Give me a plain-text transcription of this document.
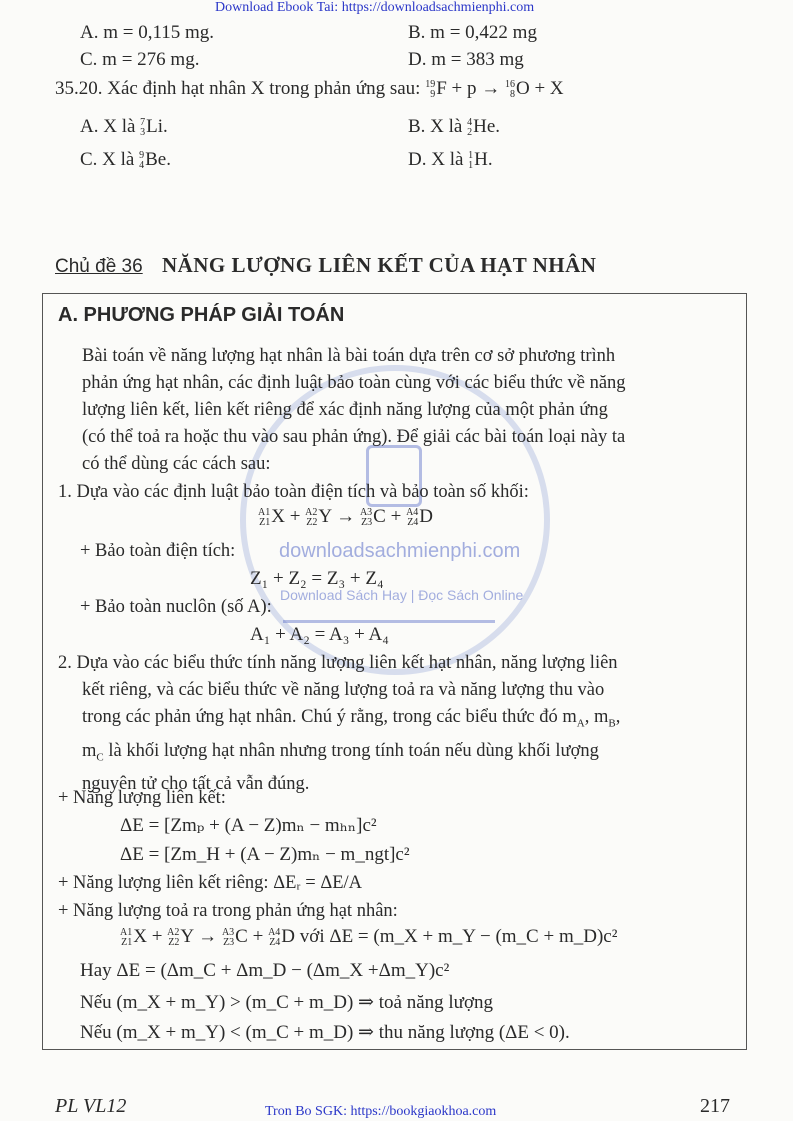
Download Ebook Tai: https://downloadsachmienphi.com
A. m = 0,115 mg.	B. m = 0,422 mg
C. m = 276 mg.	D. m = 383 mg
35.20. Xác định hạt nhân X trong phản ứng sau: 19
9 F + p → 16
8 O + X
A. X là 7
3 Li.	B. X là 4
2 He.
C. X là 9
4 Be.	D. X là 1
1 H.
Chủ đề 36 NĂNG LƯỢNG LIÊN KẾT CỦA HẠT NHÂN
downloadsachmienphi.com
Download Sách Hay | Đọc Sách Online
A. PHƯƠNG PHÁP GIẢI TOÁN
Bài toán về năng lượng hạt nhân là bài toán dựa trên cơ sở phương trình
phản ứng hạt nhân, các định luật bảo toàn cùng với các biểu thức về năng
lượng liên kết, liên kết riêng để xác định năng lượng của một phản ứng
(có thể toả ra hoặc thu vào sau phản ứng). Để giải các bài toán loại này ta
có thể dùng các cách sau:
1. Dựa vào các định luật bảo toàn điện tích và bảo toàn số khối:
A1
Z1 X + A2
Z2 Y → A3
Z3 C + A4
Z4 D
+ Bảo toàn điện tích:
Z₁ + Z₂ = Z₃ + Z₄
+ Bảo toàn nuclôn (số A):
A₁ + A₂ = A₃ + A₄
2. Dựa vào các biểu thức tính năng lượng liên kết hạt nhân, năng lượng liên
kết riêng, và các biểu thức về năng lượng toả ra và năng lượng thu vào
trong các phản ứng hạt nhân. Chú ý rằng, trong các biểu thức đó $m_A$, $m_B$,
$m_C$ là khối lượng hạt nhân nhưng trong tính toán nếu dùng khối lượng
nguyên tử cho tất cả vẫn đúng.
+ Năng lượng liên kết:
ΔE = [Zmₚ + (A − Z)mₙ − mₕₙ]c²
ΔE = [Zm_H + (A − Z)mₙ − m_ngt]c²
+ Năng lượng liên kết riêng: ΔEᵣ = ΔE/A
+ Năng lượng toả ra trong phản ứng hạt nhân:
A1
Z1 X + A2
Z2 Y → A3
Z3 C + A4
Z4 D với ΔE = (m_X + m_Y − (m_C + m_D)c²
Hay ΔE = (Δm_C + Δm_D − (Δm_X +Δm_Y)c²
Nếu (m_X + m_Y) > (m_C + m_D) ⇒ toả năng lượng
Nếu (m_X + m_Y) < (m_C + m_D) ⇒ thu năng lượng (ΔE < 0).
PL VL12	217
Tron Bo SGK: https://bookgiaokhoa.com
